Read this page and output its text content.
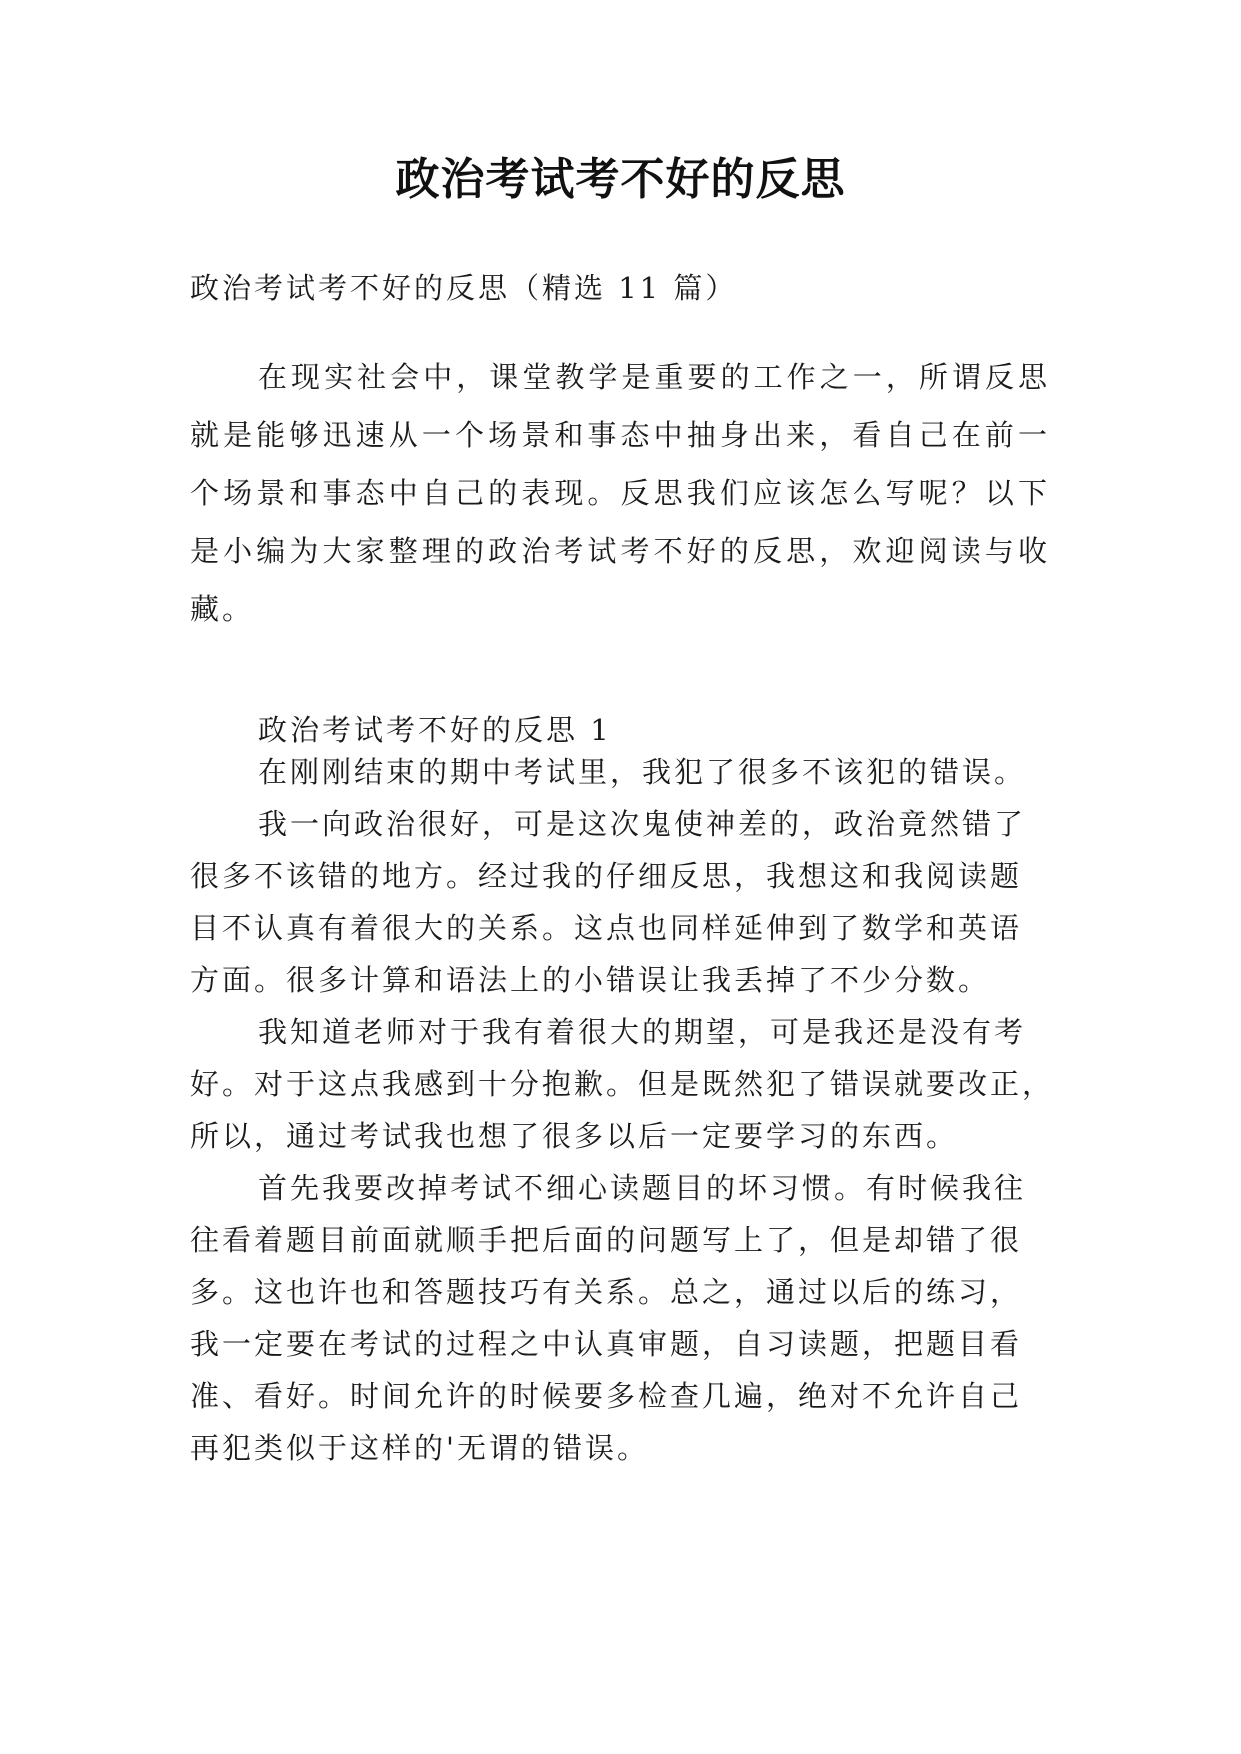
政治考试考不好的反思
政治考试考不好的反思（精选 11 篇）
在现实社会中，课堂教学是重要的工作之一，所谓反思就是能够迅速从一个场景和事态中抽身出来，看自己在前一个场景和事态中自己的表现。反思我们应该怎么写呢？以下是小编为大家整理的政治考试考不好的反思，欢迎阅读与收藏。
政治考试考不好的反思 1
在刚刚结束的期中考试里，我犯了很多不该犯的错误。
我一向政治很好，可是这次鬼使神差的，政治竟然错了
很多不该错的地方。经过我的仔细反思，我想这和我阅读题
目不认真有着很大的关系。这点也同样延伸到了数学和英语
方面。很多计算和语法上的小错误让我丢掉了不少分数。
我知道老师对于我有着很大的期望，可是我还是没有考
好。对于这点我感到十分抱歉。但是既然犯了错误就要改正，
所以，通过考试我也想了很多以后一定要学习的东西。
首先我要改掉考试不细心读题目的坏习惯。有时候我往
往看着题目前面就顺手把后面的问题写上了，但是却错了很
多。这也许也和答题技巧有关系。总之，通过以后的练习，
我一定要在考试的过程之中认真审题，自习读题，把题目看
准、看好。时间允许的时候要多检查几遍，绝对不允许自己
再犯类似于这样的'无谓的错误。
